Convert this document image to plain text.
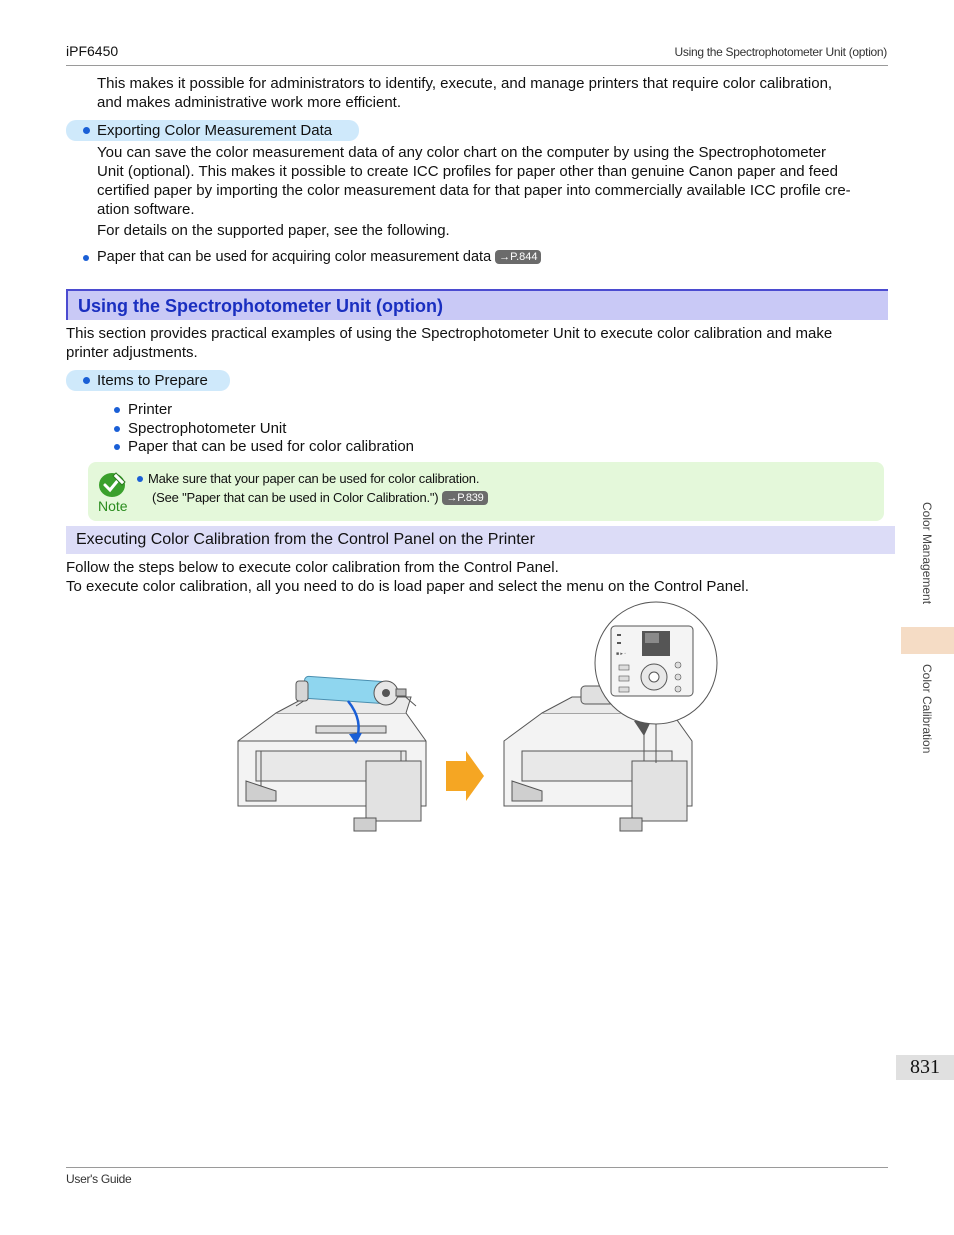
iPF6450	Using the Spectrophotometer Unit (option)

This makes it possible for administrators to identify, execute, and manage printers that require color calibration,

and makes administrative work more efficient.

Exporting Color Measurement Data

You can save the color measurement data of any color chart on the computer by using the Spectrophotometer

Unit (optional). This makes it possible to create ICC profiles for paper other than genuine Canon paper and feed

certified paper by importing the color measurement data for that paper into commercially available ICC profile cre-

ation software.

For details on the supported paper, see the following.

Paper that can be used for acquiring color measurement data →P.844
Using the Spectrophotometer Unit (option)

This section provides practical examples of using the Spectrophotometer Unit to execute color calibration and make

printer adjustments.

Items to Prepare
Printer
Spectrophotometer Unit
Paper that can be used for color calibration
Note
Make sure that your paper can be used for color calibration.
(See "Paper that can be used in Color Calibration.") →P.839
Executing Color Calibration from the Control Panel on the Printer

Follow the steps below to execute color calibration from the Control Panel.

To execute color calibration, all you need to do is load paper and select the menu on the Control Panel.

■ ▸ ◦
Color Management
Color Calibration
831
User's Guide
